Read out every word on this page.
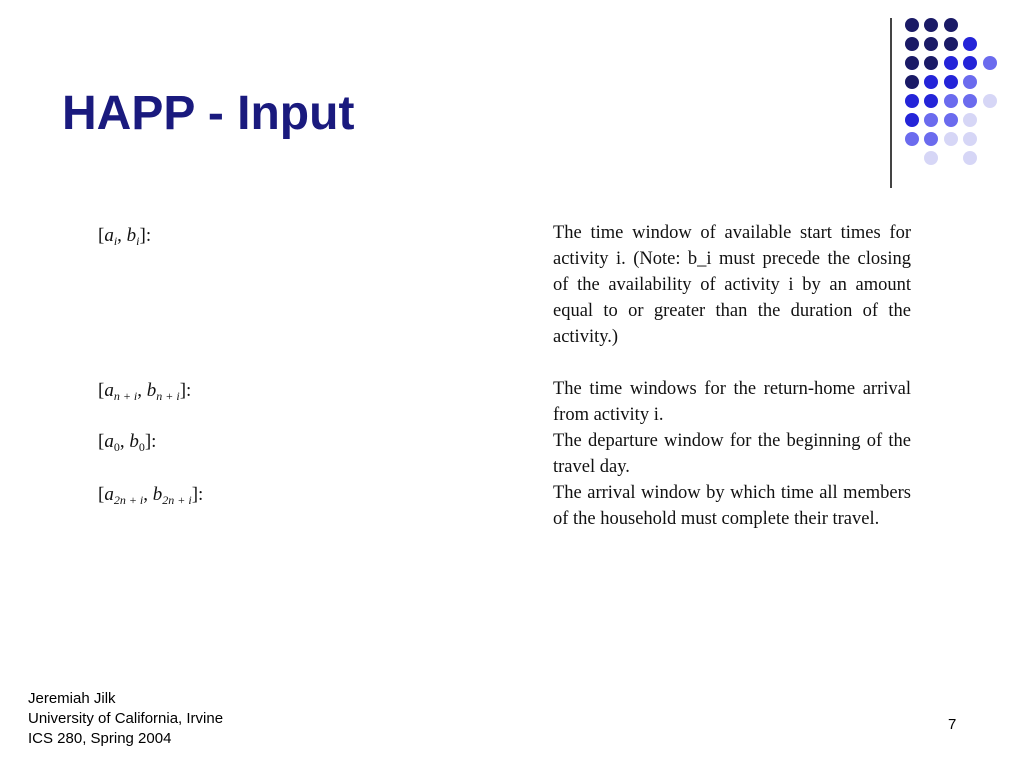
HAPP - Input
[$a_i$, $b_i$]:	The time window of available start times for activity i. (Note: b_i must precede the closing of the availability of activity i by an amount equal to or greater than the duration of the activity.)
[$a_{n + i}$, $b_{n + i}$]:	The time windows for the return-home arrival from activity i.
[$a_0$, $b_0$]:	The departure window for the beginning of the travel day.
[$a_{2n + i}$, $b_{2n + i}$]:	The arrival window by which time all members of the household must complete their travel.
Jeremiah Jilk
University of California, Irvine
ICS 280, Spring 2004
7
